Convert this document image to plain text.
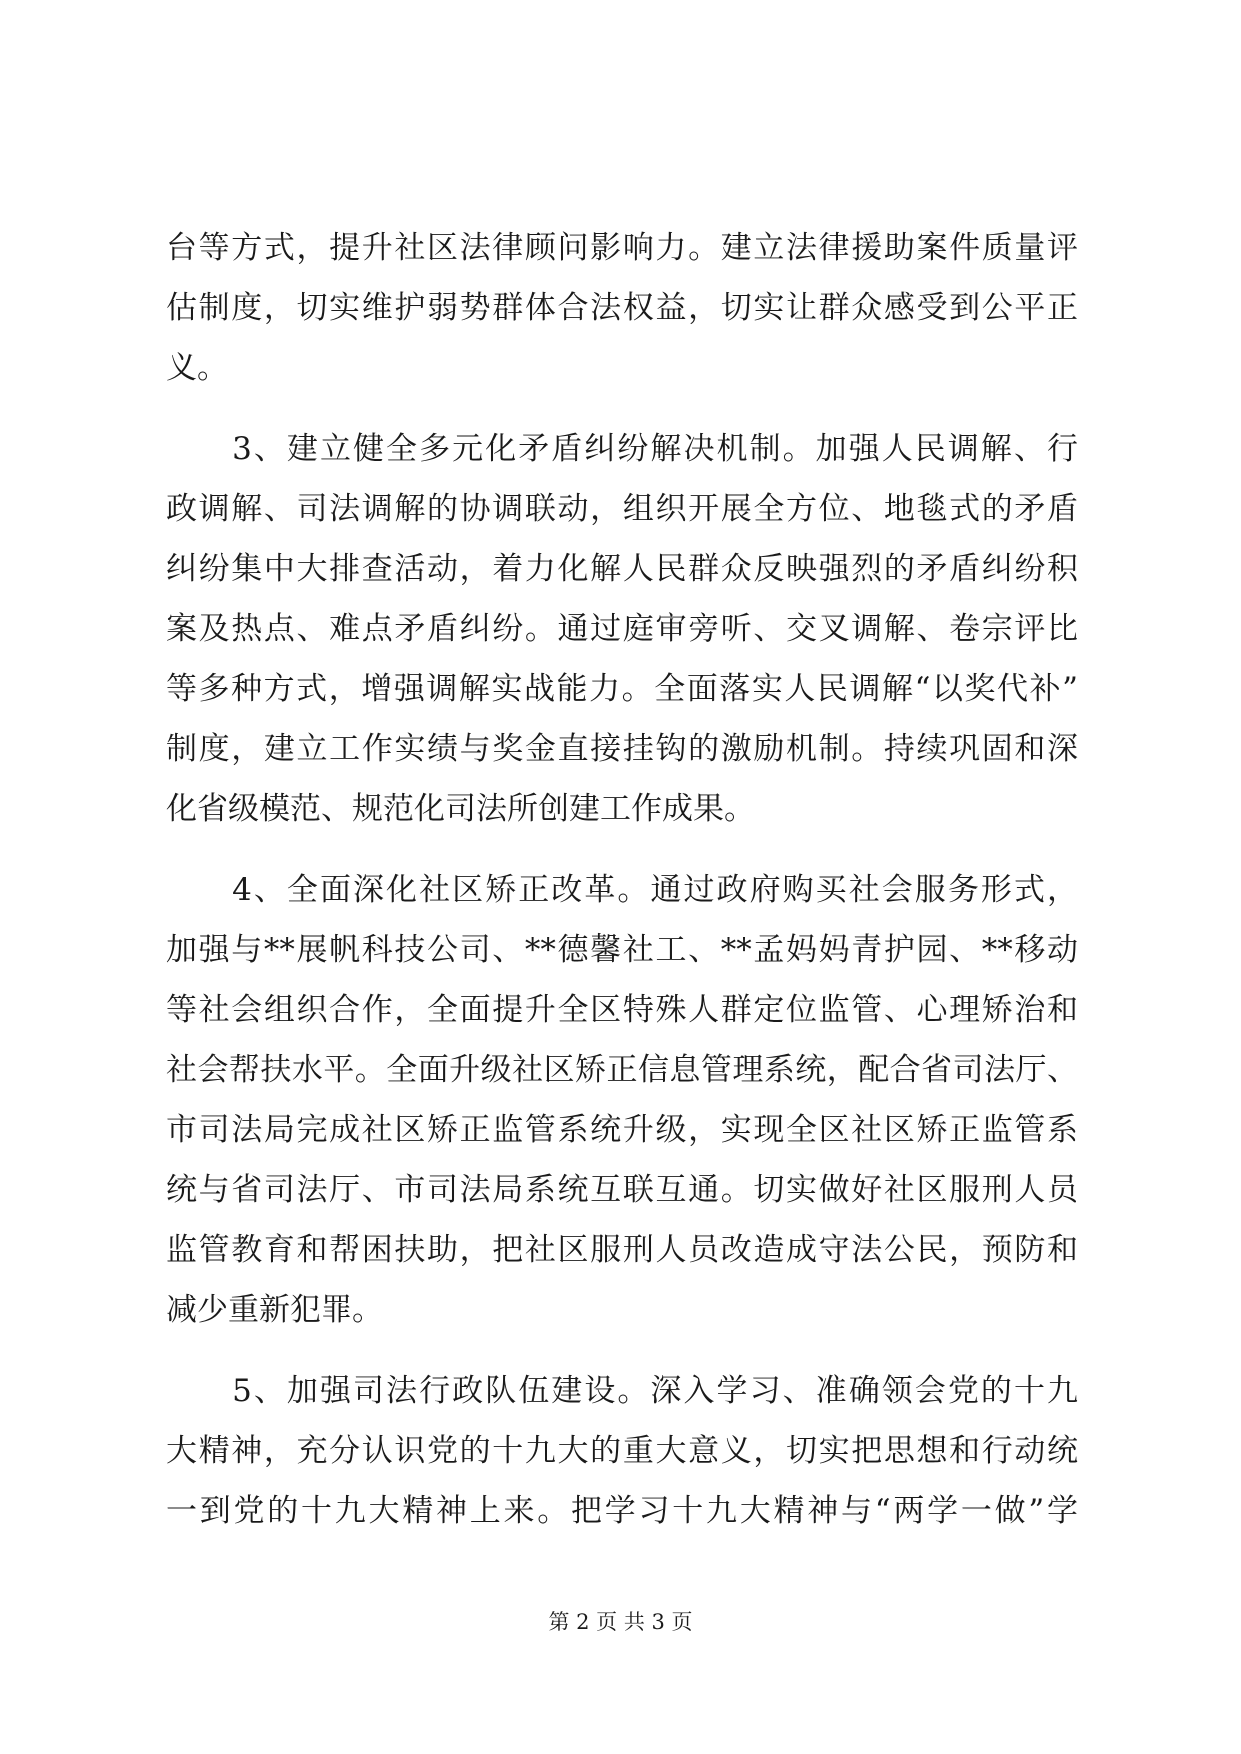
台等方式，提升社区法律顾问影响力。建立法律援助案件质量评
估制度，切实维护弱势群体合法权益，切实让群众感受到公平正
义。
　　3、建立健全多元化矛盾纠纷解决机制。加强人民调解、行
政调解、司法调解的协调联动，组织开展全方位、地毯式的矛盾
纠纷集中大排查活动，着力化解人民群众反映强烈的矛盾纠纷积
案及热点、难点矛盾纠纷。通过庭审旁听、交叉调解、卷宗评比
等多种方式，增强调解实战能力。全面落实人民调解“以奖代补”
制度，建立工作实绩与奖金直接挂钩的激励机制。持续巩固和深
化省级模范、规范化司法所创建工作成果。
　　4、全面深化社区矫正改革。通过政府购买社会服务形式，
加强与**展帆科技公司、**德馨社工、**孟妈妈青护园、**移动
等社会组织合作，全面提升全区特殊人群定位监管、心理矫治和
社会帮扶水平。全面升级社区矫正信息管理系统，配合省司法厅、
市司法局完成社区矫正监管系统升级，实现全区社区矫正监管系
统与省司法厅、市司法局系统互联互通。切实做好社区服刑人员
监管教育和帮困扶助，把社区服刑人员改造成守法公民，预防和
减少重新犯罪。
　　5、加强司法行政队伍建设。深入学习、准确领会党的十九
大精神，充分认识党的十九大的重大意义，切实把思想和行动统
一到党的十九大精神上来。把学习十九大精神与“两学一做”学
第 2 页 共 3 页
